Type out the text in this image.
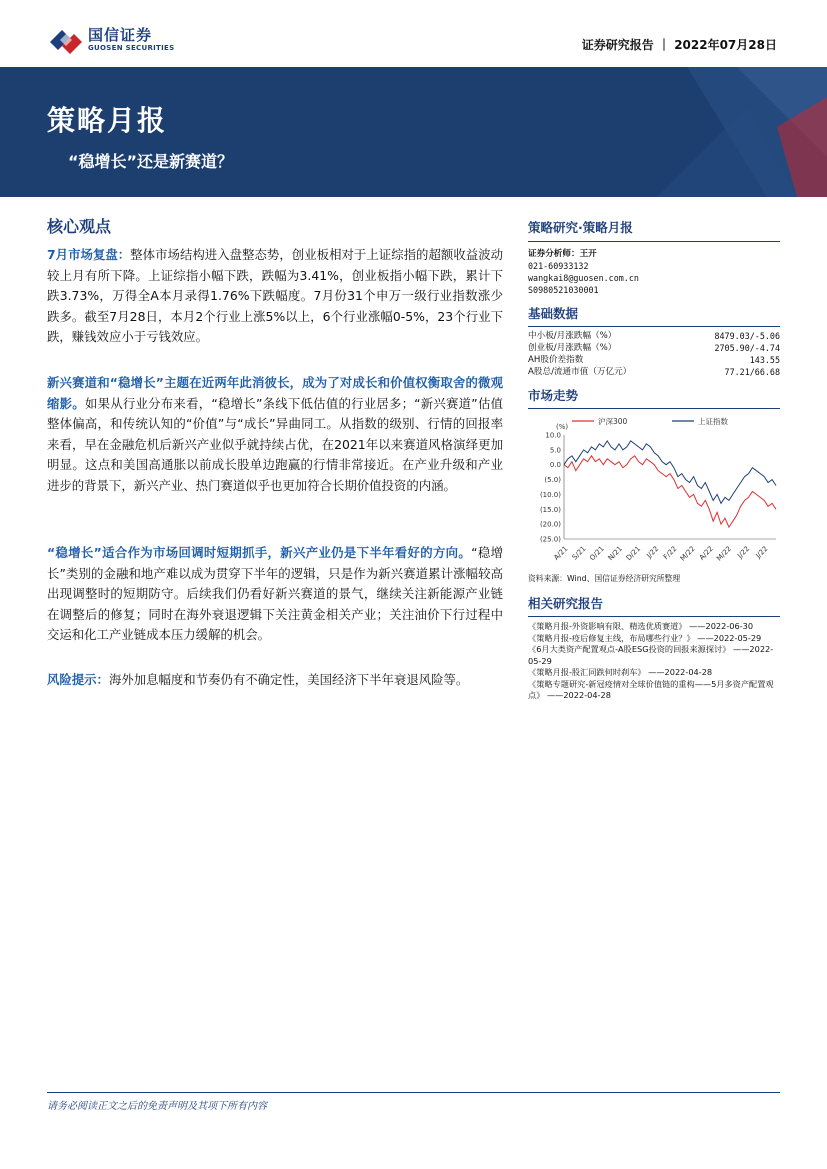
国信证券
GUOSEN SECURITIES	证券研究报告 ｜ 2022年07月28日
策略月报
“稳增长”还是新赛道？
核心观点
7月市场复盘：整体市场结构进入盘整态势，创业板相对于上证综指的超额收益波动较上月有所下降。上证综指小幅下跌，跌幅为3.41%，创业板指小幅下跌，累计下跌3.73%，万得全A本月录得1.76%下跌幅度。7月份31个申万一级行业指数涨少跌多。截至7月28日，本月2个行业上涨5%以上，6个行业涨幅0-5%，23个行业下跌，赚钱效应小于亏钱效应。
新兴赛道和“稳增长”主题在近两年此消彼长，成为了对成长和价值权衡取舍的微观缩影。如果从行业分布来看，“稳增长”条线下低估值的行业居多；“新兴赛道”估值整体偏高，和传统认知的“价值”与“成长”异曲同工。从指数的级别、行情的回报率来看，早在金融危机后新兴产业似乎就持续占优，在2021年以来赛道风格演绎更加明显。这点和美国高通胀以前成长股单边跑赢的行情非常接近。在产业升级和产业进步的背景下，新兴产业、热门赛道似乎也更加符合长期价值投资的内涵。
“稳增长”适合作为市场回调时短期抓手，新兴产业仍是下半年看好的方向。“稳增长”类别的金融和地产难以成为贯穿下半年的逻辑，只是作为新兴赛道累计涨幅较高出现调整时的短期防守。后续我们仍看好新兴赛道的景气，继续关注新能源产业链在调整后的修复；同时在海外衰退逻辑下关注黄金相关产业；关注油价下行过程中交运和化工产业链成本压力缓解的机会。
风险提示：海外加息幅度和节奏仍有不确定性，美国经济下半年衰退风险等。
策略研究·策略月报
证券分析师：王开
021-60933132
wangkai8@guosen.com.cn
S0980521030001
基础数据
中小板/月涨跌幅（%）	8479.03/-5.06
创业板/月涨跌幅（%）	2705.90/-4.74
AH股价差指数	143.55
A股总/流通市值（万亿元）	77.21/66.68
市场走势
(%)
沪深300	上证指数
10.0
5.0
0.0
(5.0)
(10.0)
(15.0)
(20.0)
(25.0)
A/21 S/21 O/21 N/21 D/21 J/22 F/22 M/22 A/22 M/22 J/22 J/22
资料来源：Wind、国信证券经济研究所整理
相关研究报告
《策略月报-外资影响有限、精选优质赛道》 ——2022-06-30
《策略月报-疫后修复主线，布局哪些行业？》 ——2022-05-29
《6月大类资产配置观点-A股ESG投资的回报来源探讨》 ——2022-05-29
《策略月报-股汇同跌何时刹车》 ——2022-04-28
《策略专题研究-新冠疫情对全球价值链的重构——5月多资产配置观点》 ——2022-04-28
请务必阅读正文之后的免责声明及其项下所有内容
